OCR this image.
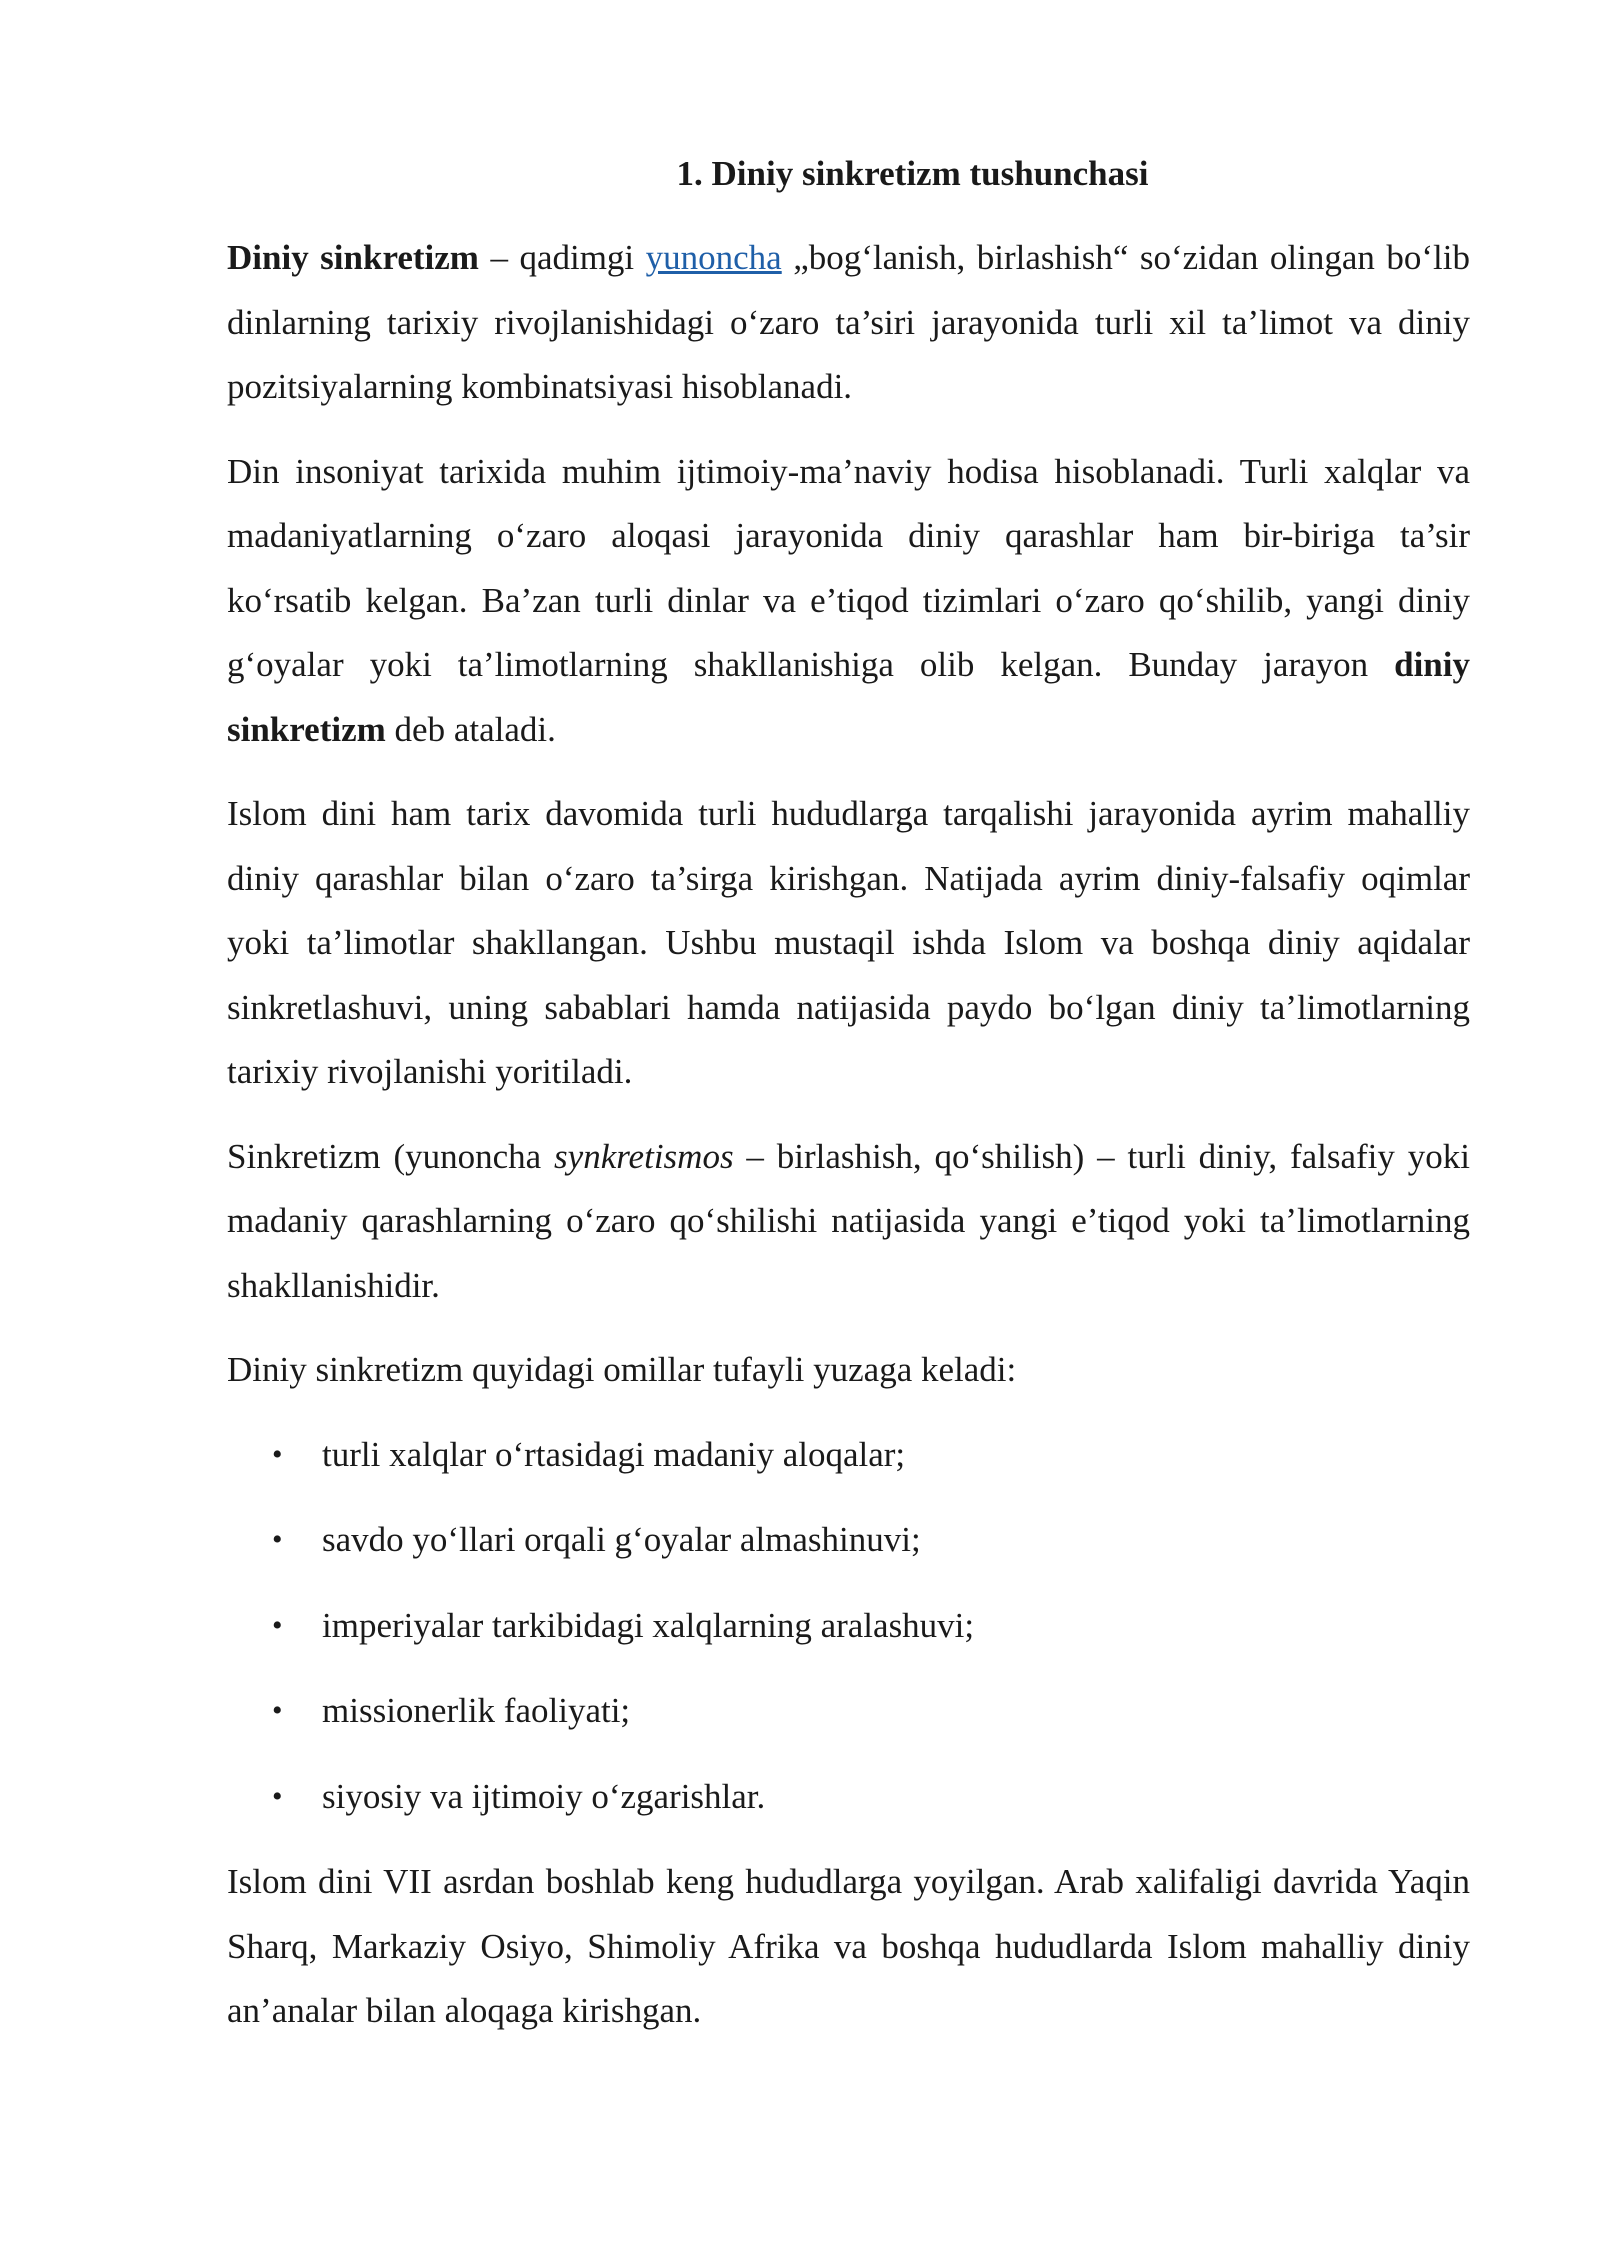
1. Diniy sinkretizm tushunchasi

Diniy sinkretizm – qadimgi yunoncha „bog‘lanish, birlashish“ so‘zidan olingan bo‘lib dinlarning tarixiy rivojlanishidagi o‘zaro ta’siri jarayonida turli xil ta’limot va diniy pozitsiyalarning kombinatsiyasi hisoblanadi.

Din insoniyat tarixida muhim ijtimoiy-ma’naviy hodisa hisoblanadi. Turli xalqlar va madaniyatlarning o‘zaro aloqasi jarayonida diniy qarashlar ham bir-biriga ta’sir ko‘rsatib kelgan. Ba’zan turli dinlar va e’tiqod tizimlari o‘zaro qo‘shilib, yangi diniy g‘oyalar yoki ta’limotlarning shakllanishiga olib kelgan. Bunday jarayon diniy sinkretizm deb ataladi.

Islom dini ham tarix davomida turli hududlarga tarqalishi jarayonida ayrim mahalliy diniy qarashlar bilan o‘zaro ta’sirga kirishgan. Natijada ayrim diniy-falsafiy oqimlar yoki ta’limotlar shakllangan. Ushbu mustaqil ishda Islom va boshqa diniy aqidalar sinkretlashuvi, uning sabablari hamda natijasida paydo bo‘lgan diniy ta’limotlarning tarixiy rivojlanishi yoritiladi.

Sinkretizm (yunoncha synkretismos – birlashish, qo‘shilish) – turli diniy, falsafiy yoki madaniy qarashlarning o‘zaro qo‘shilishi natijasida yangi e’tiqod yoki ta’limotlarning shakllanishidir.

Diniy sinkretizm quyidagi omillar tufayli yuzaga keladi:

• turli xalqlar o‘rtasidagi madaniy aloqalar;
• savdo yo‘llari orqali g‘oyalar almashinuvi;
• imperiyalar tarkibidagi xalqlarning aralashuvi;
• missionerlik faoliyati;
• siyosiy va ijtimoiy o‘zgarishlar.

Islom dini VII asrdan boshlab keng hududlarga yoyilgan. Arab xalifaligi davrida Yaqin Sharq, Markaziy Osiyo, Shimoliy Afrika va boshqa hududlarda Islom mahalliy diniy an’analar bilan aloqaga kirishgan.
